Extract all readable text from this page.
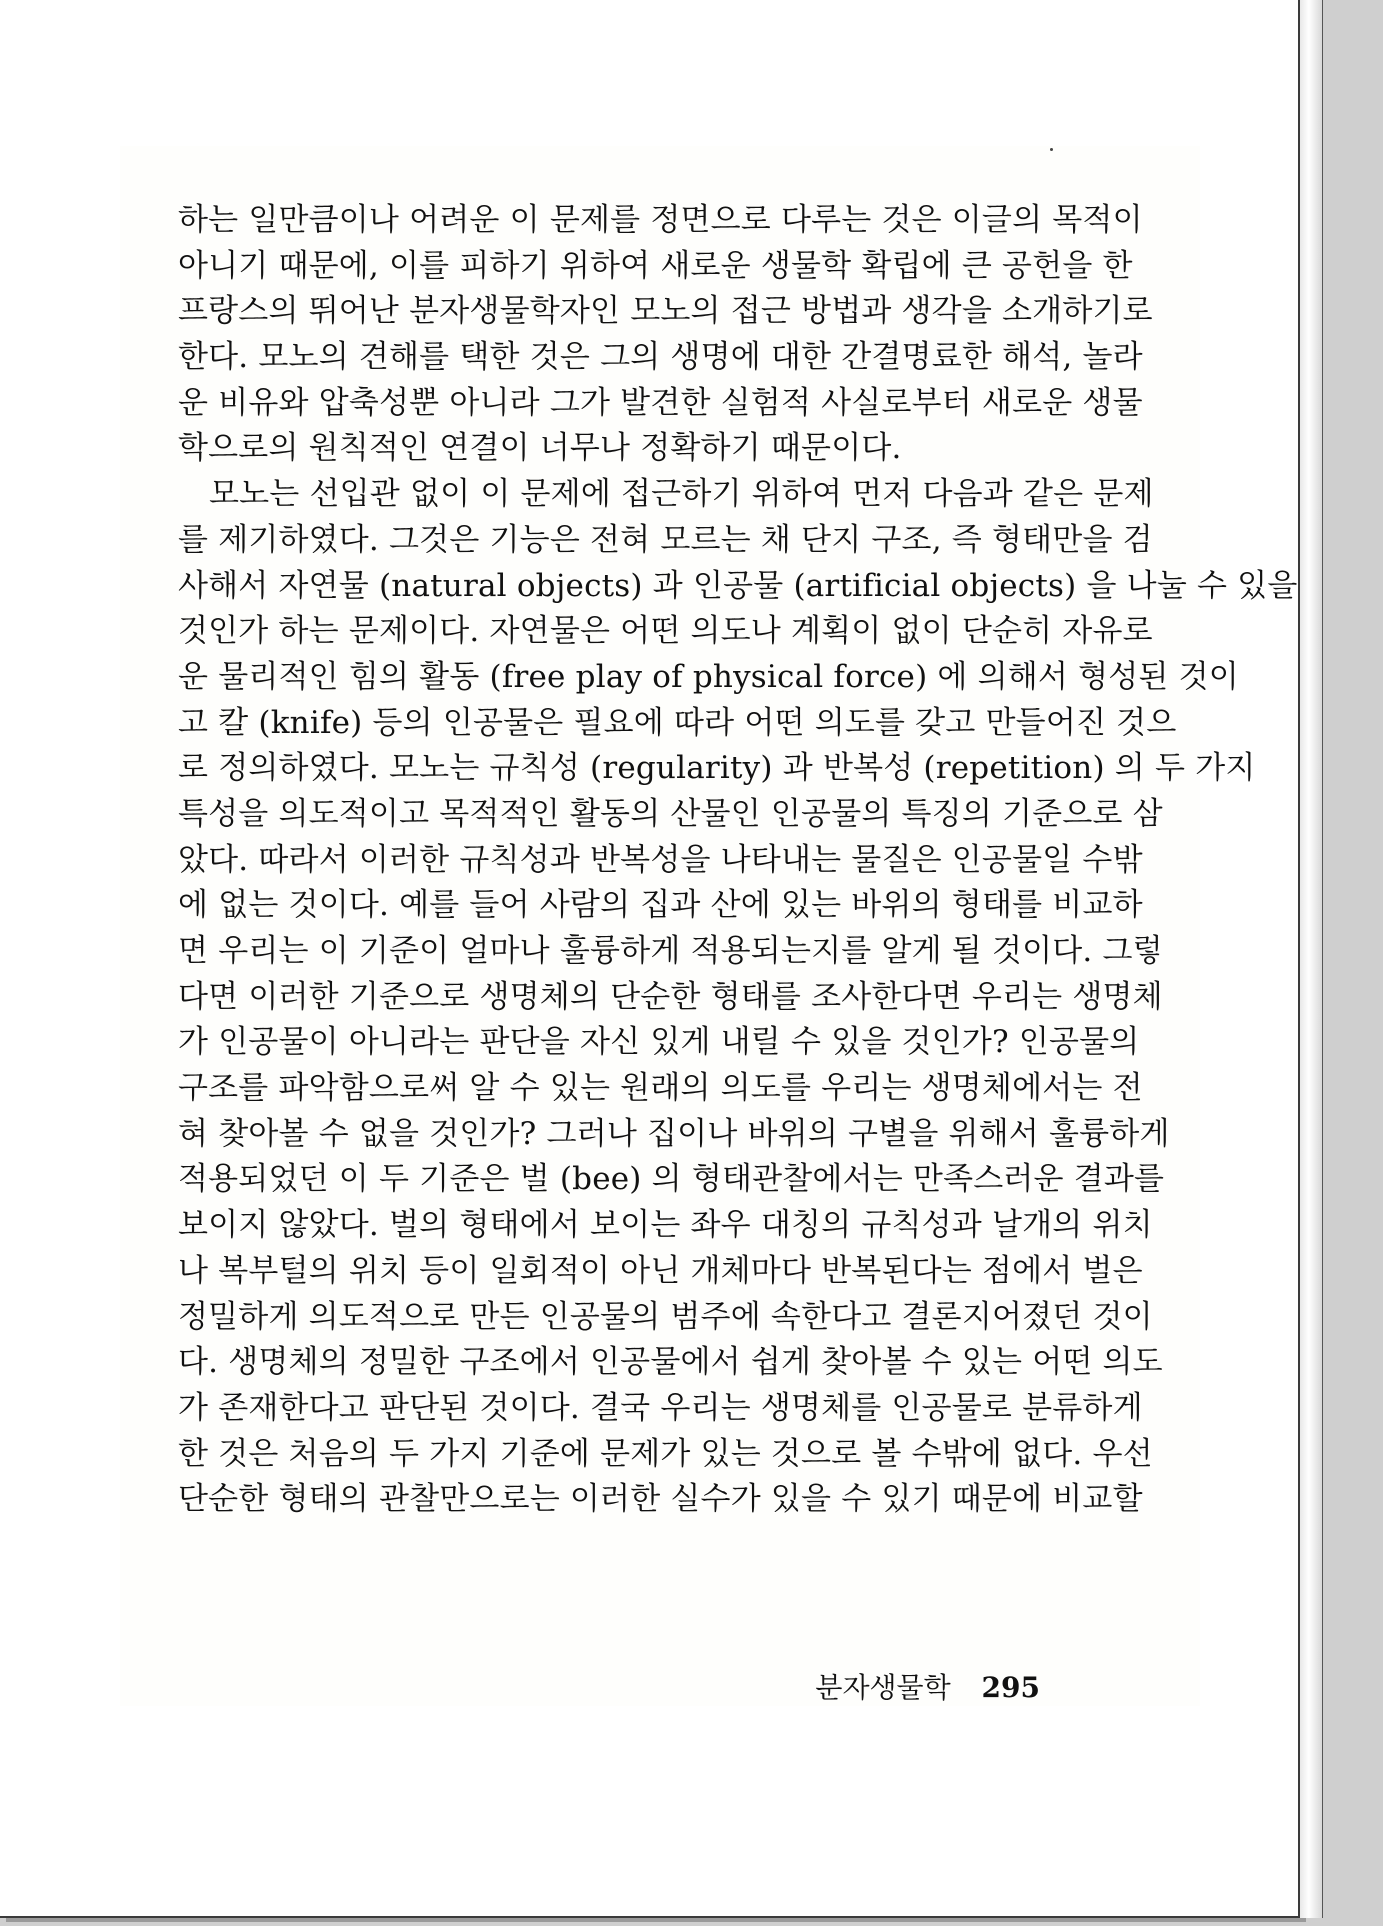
하는 일만큼이나 어려운 이 문제를 정면으로 다루는 것은 이글의 목적이
아니기 때문에, 이를 피하기 위하여 새로운 생물학 확립에 큰 공헌을 한
프랑스의 뛰어난 분자생물학자인 모노의 접근 방법과 생각을 소개하기로
한다. 모노의 견해를 택한 것은 그의 생명에 대한 간결명료한 해석, 놀라
운 비유와 압축성뿐 아니라 그가 발견한 실험적 사실로부터 새로운 생물
학으로의 원칙적인 연결이 너무나 정확하기 때문이다.
모노는 선입관 없이 이 문제에 접근하기 위하여 먼저 다음과 같은 문제
를 제기하였다. 그것은 기능은 전혀 모르는 채 단지 구조, 즉 형태만을 검
사해서 자연물 (natural objects) 과 인공물 (artificial objects) 을 나눌 수 있을
것인가 하는 문제이다. 자연물은 어떤 의도나 계획이 없이 단순히 자유로
운 물리적인 힘의 활동 (free play of physical force) 에 의해서 형성된 것이
고 칼 (knife) 등의 인공물은 필요에 따라 어떤 의도를 갖고 만들어진 것으
로 정의하였다. 모노는 규칙성 (regularity) 과 반복성 (repetition) 의 두 가지
특성을 의도적이고 목적적인 활동의 산물인 인공물의 특징의 기준으로 삼
았다. 따라서 이러한 규칙성과 반복성을 나타내는 물질은 인공물일 수밖
에 없는 것이다. 예를 들어 사람의 집과 산에 있는 바위의 형태를 비교하
면 우리는 이 기준이 얼마나 훌륭하게 적용되는지를 알게 될 것이다. 그렇
다면 이러한 기준으로 생명체의 단순한 형태를 조사한다면 우리는 생명체
가 인공물이 아니라는 판단을 자신 있게 내릴 수 있을 것인가? 인공물의
구조를 파악함으로써 알 수 있는 원래의 의도를 우리는 생명체에서는 전
혀 찾아볼 수 없을 것인가? 그러나 집이나 바위의 구별을 위해서 훌륭하게
적용되었던 이 두 기준은 벌 (bee) 의 형태관찰에서는 만족스러운 결과를
보이지 않았다. 벌의 형태에서 보이는 좌우 대칭의 규칙성과 날개의 위치
나 복부털의 위치 등이 일회적이 아닌 개체마다 반복된다는 점에서 벌은
정밀하게 의도적으로 만든 인공물의 범주에 속한다고 결론지어졌던 것이
다. 생명체의 정밀한 구조에서 인공물에서 쉽게 찾아볼 수 있는 어떤 의도
가 존재한다고 판단된 것이다. 결국 우리는 생명체를 인공물로 분류하게
한 것은 처음의 두 가지 기준에 문제가 있는 것으로 볼 수밖에 없다. 우선
단순한 형태의 관찰만으로는 이러한 실수가 있을 수 있기 때문에 비교할
분자생물학 295
